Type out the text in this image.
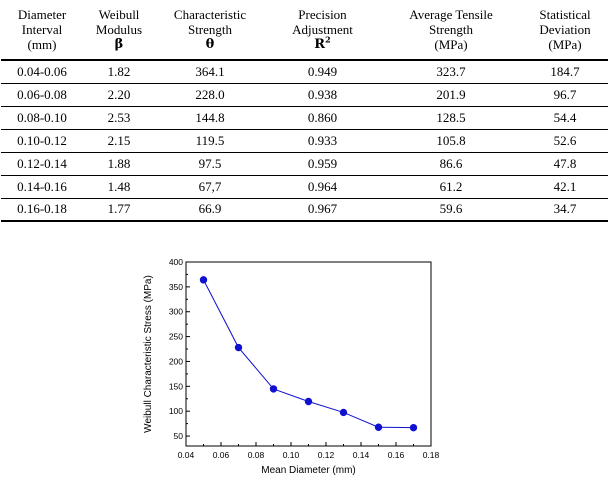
Diameter
Interval
(mm)	Weibull
Modulus
β	Characteristic
Strength
θ	Precision
Adjustment
$R^2$	Average Tensile
Strength
(MPa)	Statistical
Deviation
(MPa)

0.04-0.06	1.82	364.1	0.949	323.7	184.7
0.06-0.08	2.20	228.0	0.938	201.9	96.7
0.08-0.10	2.53	144.8	0.860	128.5	54.4
0.10-0.12	2.15	119.5	0.933	105.8	52.6
0.12-0.14	1.88	97.5	0.959	86.6	47.8
0.14-0.16	1.48	67,7	0.964	61.2	42.1
0.16-0.18	1.77	66.9	0.967	59.6	34.7
0.04 0.06 0.08 0.10 0.12 0.14 0.16 0.18
50
100
150
200
250
300
350
400
Mean Diameter (mm)
Weibull Characteristic Stress (MPa)
